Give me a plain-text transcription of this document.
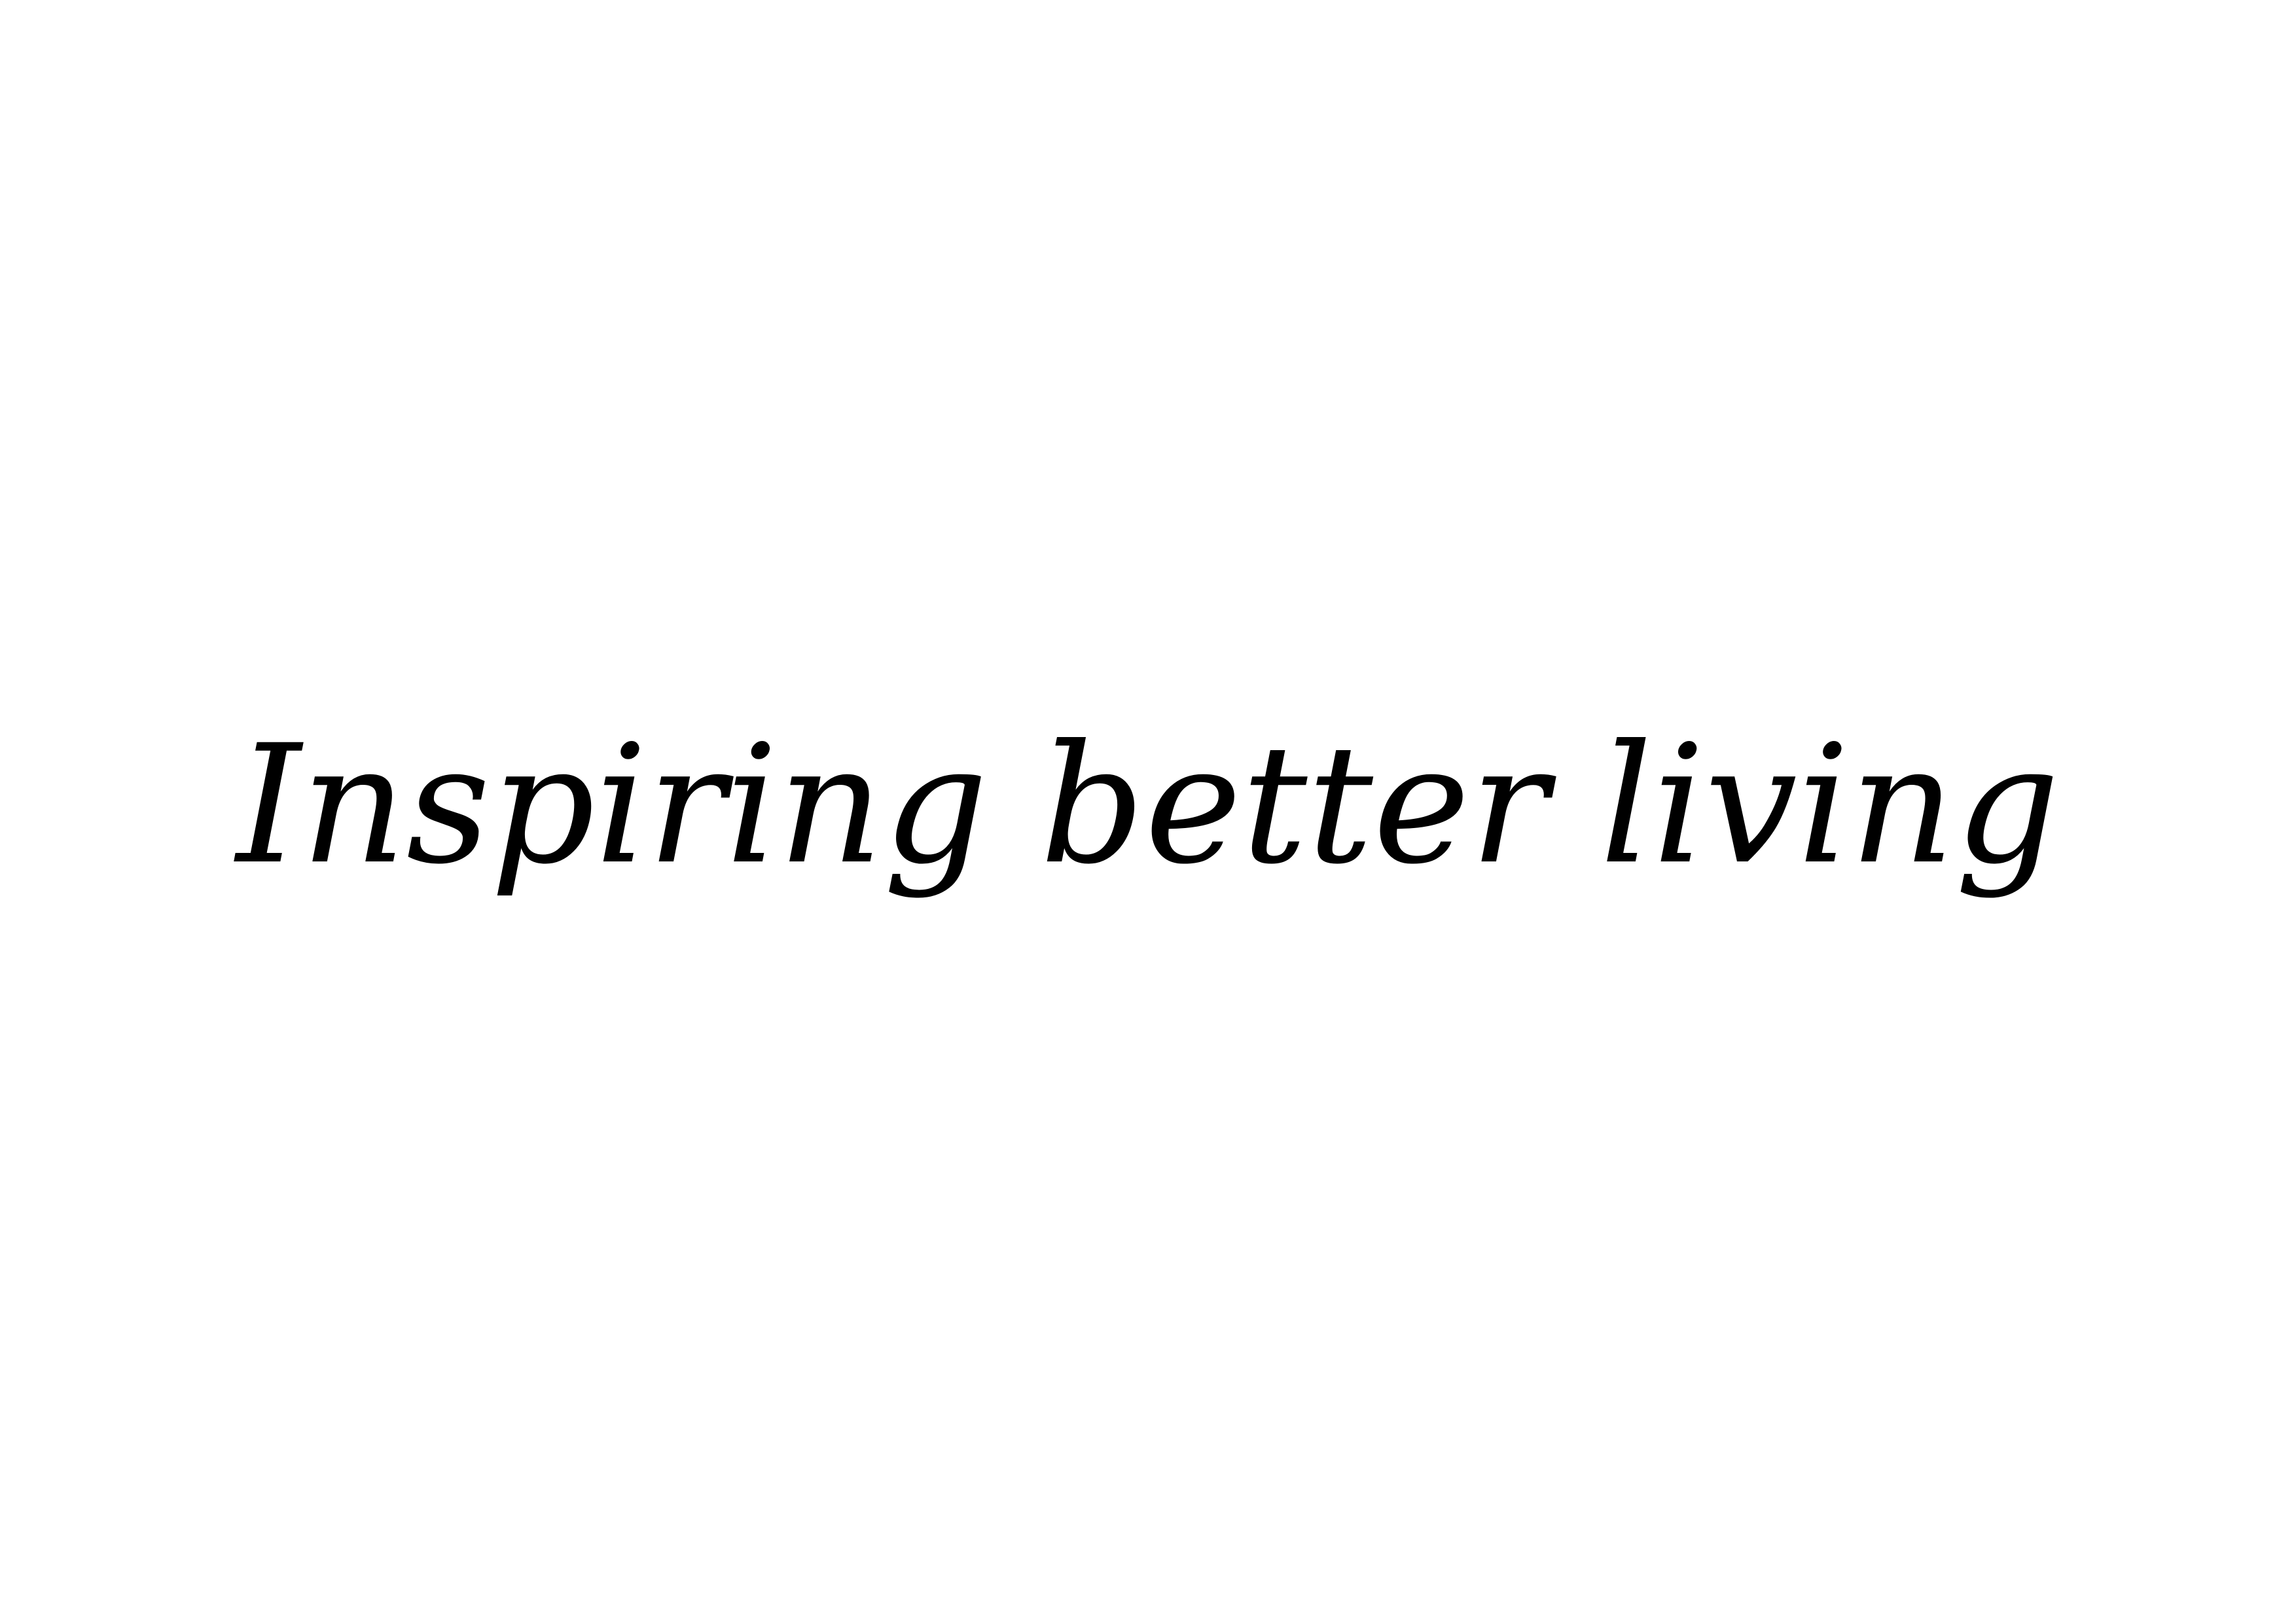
Inspiring better living
